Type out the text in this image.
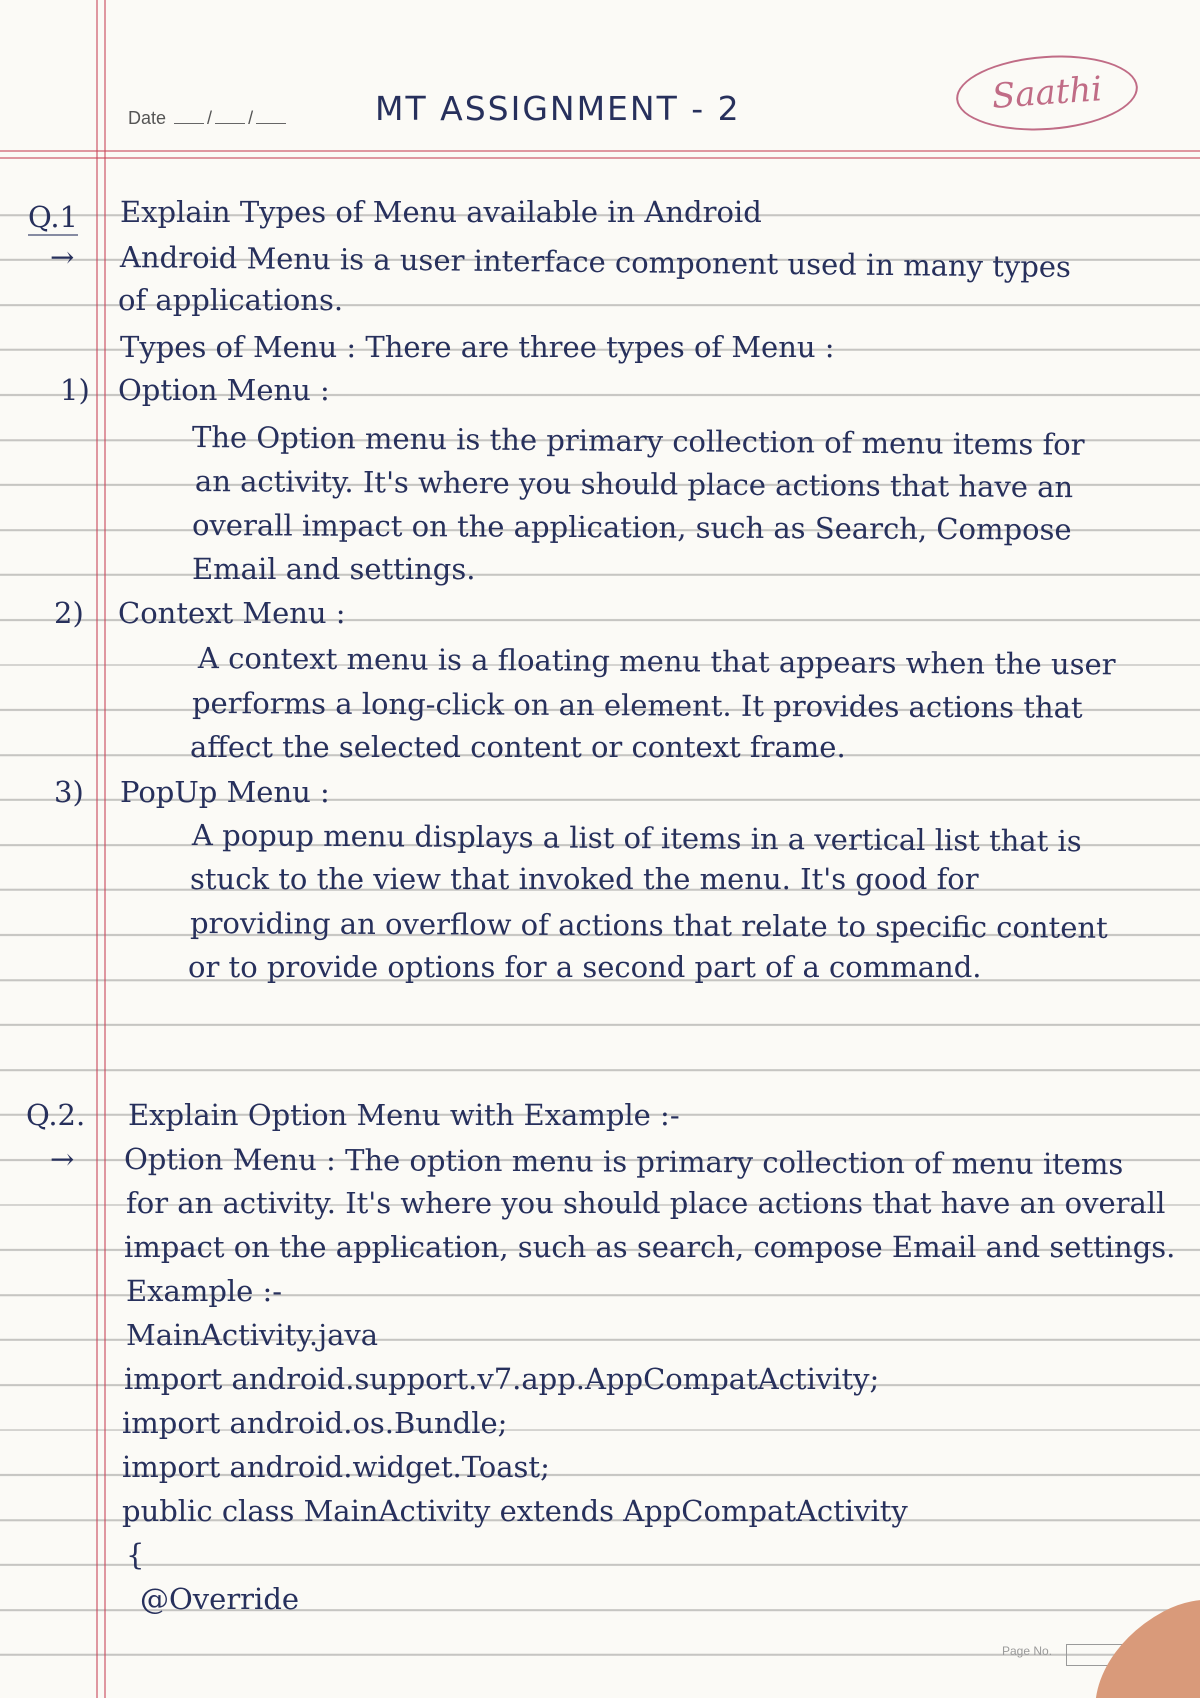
Date / /	MT ASSIGNMENT - 2	Saathi
Q.1 Explain Types of Menu available in Android
→ Android Menu is a user interface component used in many types
of applications.
Types of Menu : There are three types of Menu :
1) Option Menu :
The Option menu is the primary collection of menu items for
an activity. It's where you should place actions that have an
overall impact on the application, such as Search, Compose
Email and settings.
2) Context Menu :
A context menu is a floating menu that appears when the user
performs a long-click on an element. It provides actions that
affect the selected content or context frame.
3) PopUp Menu :
A popup menu displays a list of items in a vertical list that is
stuck to the view that invoked the menu. It's good for
providing an overflow of actions that relate to specific content
or to provide options for a second part of a command.
Q.2. Explain Option Menu with Example :-
→ Option Menu : The option menu is primary collection of menu items
for an activity. It's where you should place actions that have an overall
impact on the application, such as search, compose Email and settings.
Example :-
MainActivity.java
import android.support.v7.app.AppCompatActivity;
import android.os.Bundle;
import android.widget.Toast;
public class MainActivity extends AppCompatActivity
{
@Override
Page No.
